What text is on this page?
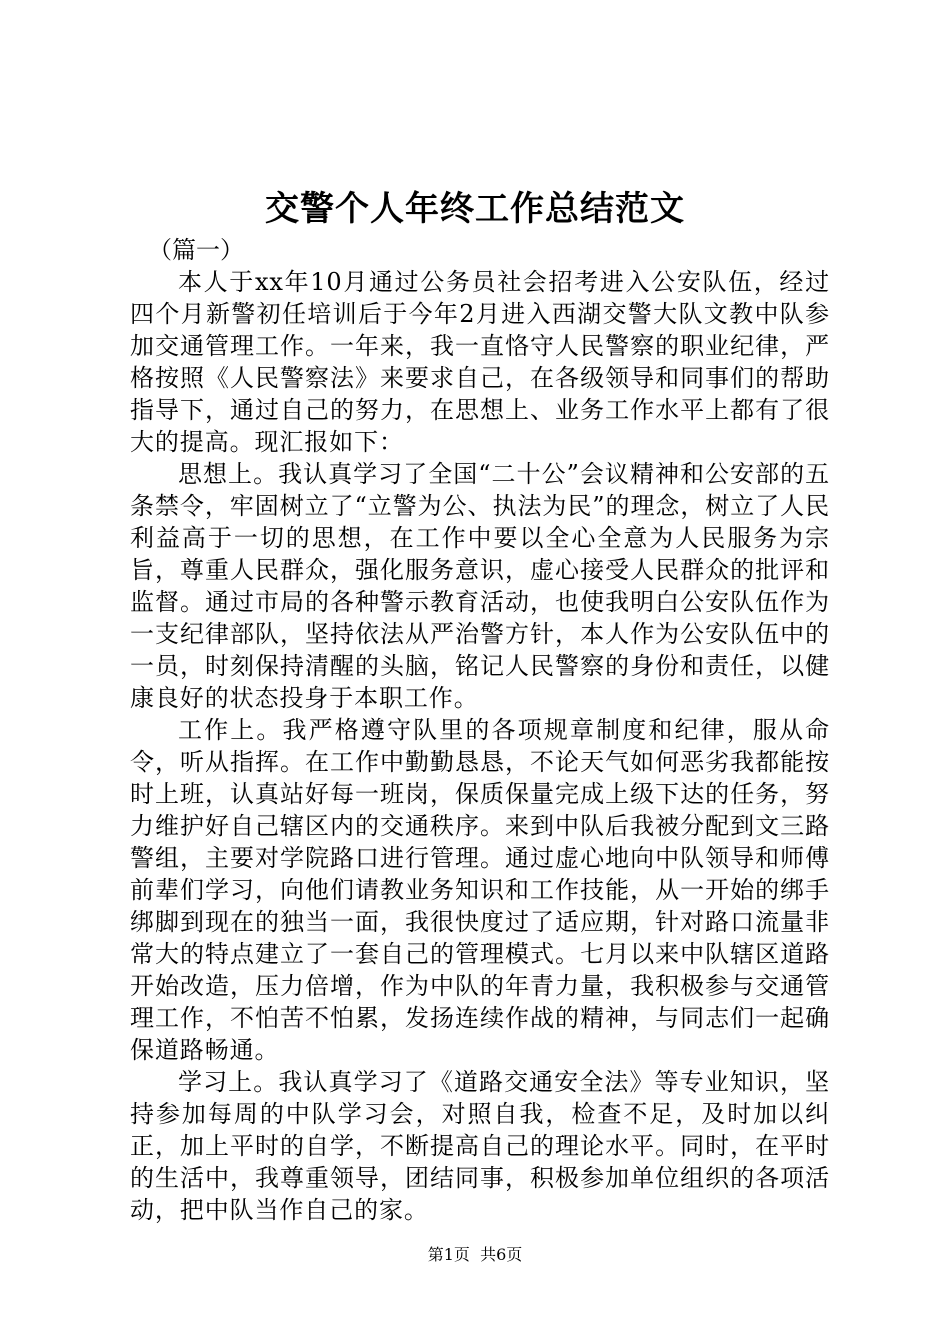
交警个人年终工作总结范文

（篇一）

本人于xx年10月通过公务员社会招考进入公安队伍，经过四个月新警初任培训后于今年2月进入西湖交警大队文教中队参加交通管理工作。一年来，我一直恪守人民警察的职业纪律，严格按照《人民警察法》来要求自己，在各级领导和同事们的帮助指导下，通过自己的努力，在思想上、业务工作水平上都有了很大的提高。现汇报如下：

思想上。我认真学习了全国“二十公”会议精神和公安部的五条禁令，牢固树立了“立警为公、执法为民”的理念，树立了人民利益高于一切的思想，在工作中要以全心全意为人民服务为宗旨，尊重人民群众，强化服务意识，虚心接受人民群众的批评和监督。通过市局的各种警示教育活动，也使我明白公安队伍作为一支纪律部队，坚持依法从严治警方针，本人作为公安队伍中的一员，时刻保持清醒的头脑，铭记人民警察的身份和责任，以健康良好的状态投身于本职工作。

工作上。我严格遵守队里的各项规章制度和纪律，服从命令，听从指挥。在工作中勤勤恳恳，不论天气如何恶劣我都能按时上班，认真站好每一班岗，保质保量完成上级下达的任务，努力维护好自己辖区内的交通秩序。来到中队后我被分配到文三路警组，主要对学院路口进行管理。通过虚心地向中队领导和师傅前辈们学习，向他们请教业务知识和工作技能，从一开始的绑手绑脚到现在的独当一面，我很快度过了适应期，针对路口流量非常大的特点建立了一套自己的管理模式。七月以来中队辖区道路开始改造，压力倍增，作为中队的年青力量，我积极参与交通管理工作，不怕苦不怕累，发扬连续作战的精神，与同志们一起确保道路畅通。

学习上。我认真学习了《道路交通安全法》等专业知识，坚持参加每周的中队学习会，对照自我，检查不足，及时加以纠正，加上平时的自学，不断提高自己的理论水平。同时，在平时的生活中，我尊重领导，团结同事，积极参加单位组织的各项活动，把中队当作自己的家。

第1页 共6页
